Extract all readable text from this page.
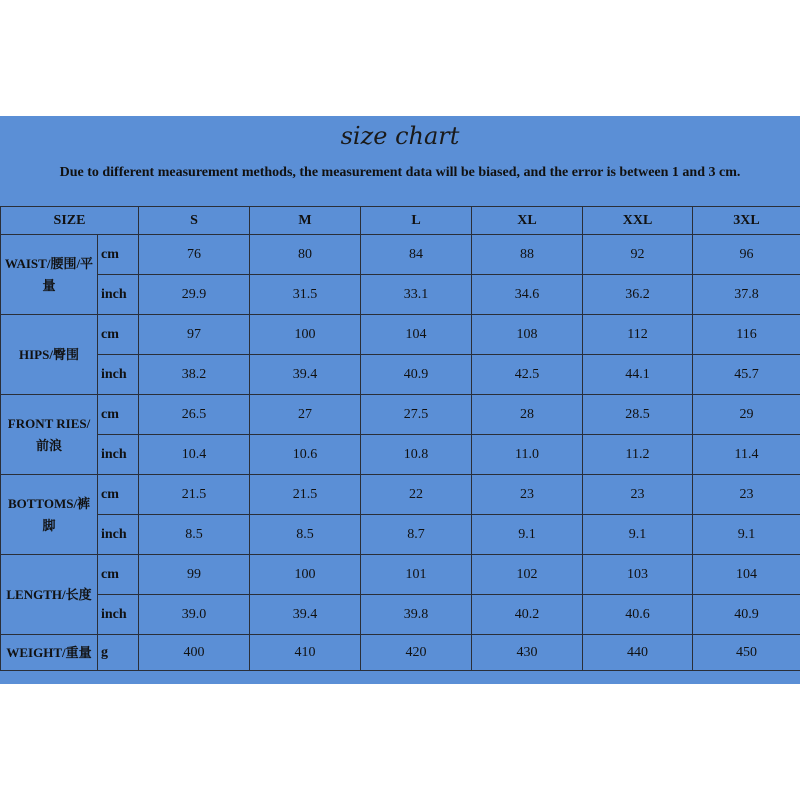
size chart
Due to different measurement methods, the measurement data will be biased, and the error is between 1 and 3 cm.
SIZE		S	M	L	XL	XXL	3XL
WAIST/腰围/平量	cm	76	80	84	88	92	96
	inch	29.9	31.5	33.1	34.6	36.2	37.8
HIPS/臀围	cm	97	100	104	108	112	116
	inch	38.2	39.4	40.9	42.5	44.1	45.7
FRONT RIES/前浪	cm	26.5	27	27.5	28	28.5	29
	inch	10.4	10.6	10.8	11.0	11.2	11.4
BOTTOMS/裤脚	cm	21.5	21.5	22	23	23	23
	inch	8.5	8.5	8.7	9.1	9.1	9.1
LENGTH/长度	cm	99	100	101	102	103	104
	inch	39.0	39.4	39.8	40.2	40.6	40.9
WEIGHT/重量	g	400	410	420	430	440	450
